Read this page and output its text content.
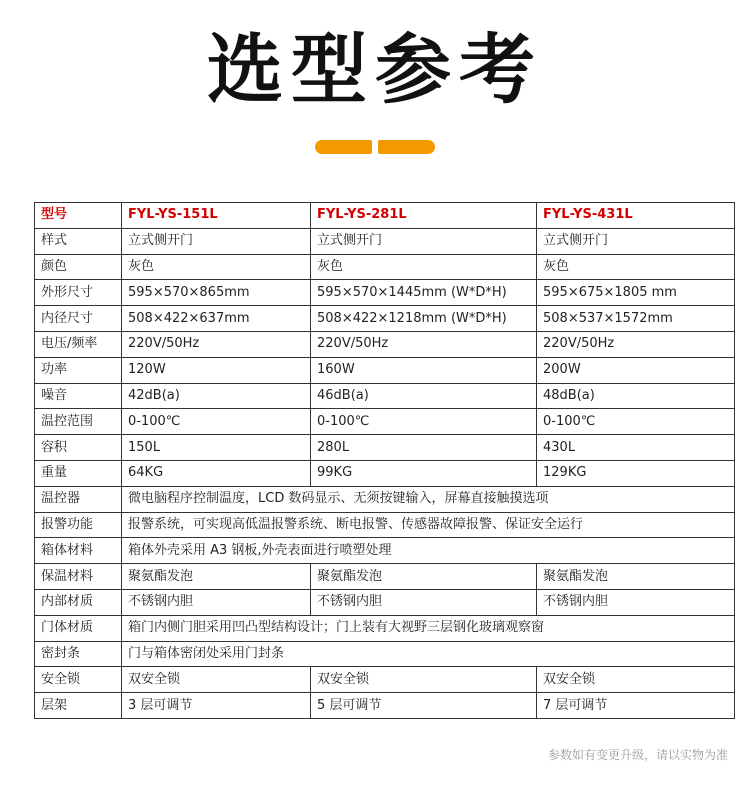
选型参考
型号	FYL-YS-151L	FYL-YS-281L	FYL-YS-431L
样式	立式侧开门	立式侧开门	立式侧开门
颜色	灰色	灰色	灰色
外形尺寸	595×570×865mm	595×570×1445mm (W*D*H)	595×675×1805 mm
内径尺寸	508×422×637mm	508×422×1218mm (W*D*H)	508×537×1572mm
电压/频率	220V/50Hz	220V/50Hz	220V/50Hz
功率	120W	160W	200W
噪音	42dB(a)	46dB(a)	48dB(a)
温控范围	0-100℃	0-100℃	0-100℃
容积	150L	280L	430L
重量	64KG	99KG	129KG
温控器	微电脑程序控制温度，LCD 数码显示、无须按键输入，屏幕直接触摸选项		
报警功能	报警系统，可实现高低温报警系统、断电报警、传感器故障报警、保证安全运行		
箱体材料	箱体外壳采用 A3 钢板,外壳表面进行喷塑处理		
保温材料	聚氨酯发泡	聚氨酯发泡	聚氨酯发泡
内部材质	不锈钢内胆	不锈钢内胆	不锈钢内胆
门体材质	箱门内侧门胆采用凹凸型结构设计；门上装有大视野三层钢化玻璃观察窗		
密封条	门与箱体密闭处采用门封条		
安全锁	双安全锁	双安全锁	双安全锁
层架	3 层可调节	5 层可调节	7 层可调节
参数如有变更升级，请以实物为准
